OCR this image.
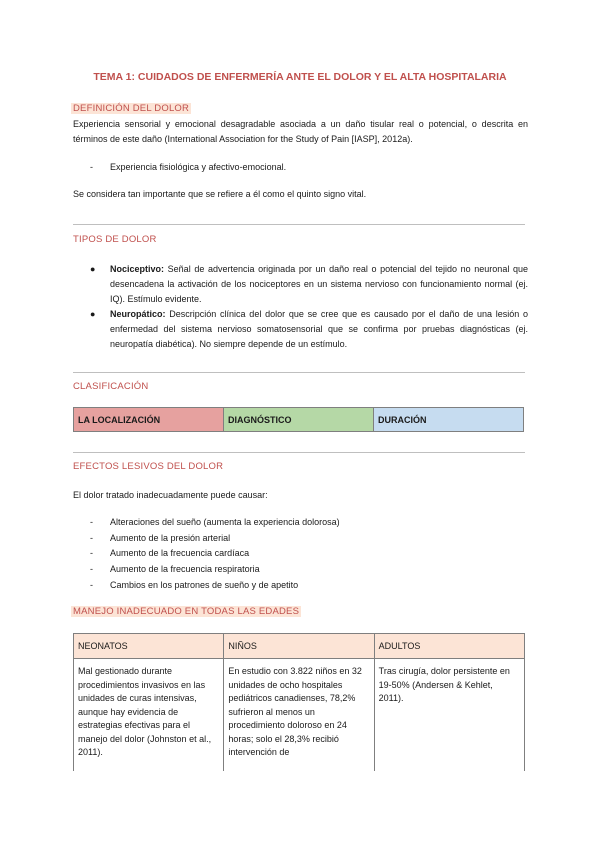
TEMA 1: CUIDADOS DE ENFERMERÍA ANTE EL DOLOR Y EL ALTA HOSPITALARIA
DEFINICIÓN DEL DOLOR
Experiencia sensorial y emocional desagradable asociada a un daño tisular real o potencial, o descrita en términos de este daño (International Association for the Study of Pain [IASP], 2012a).
- Experiencia fisiológica y afectivo-emocional.
Se considera tan importante que se refiere a él como el quinto signo vital.
TIPOS DE DOLOR
● Nociceptivo: Señal de advertencia originada por un daño real o potencial del tejido no neuronal que desencadena la activación de los nociceptores en un sistema nervioso con funcionamiento normal (ej. IQ). Estímulo evidente.
● Neuropático: Descripción clínica del dolor que se cree que es causado por el daño de una lesión o enfermedad del sistema nervioso somatosensorial que se confirma por pruebas diagnósticas (ej. neuropatía diabética). No siempre depende de un estímulo.
CLASIFICACIÓN
LA LOCALIZACIÓN	DIAGNÓSTICO	DURACIÓN
EFECTOS LESIVOS DEL DOLOR
El dolor tratado inadecuadamente puede causar:
- Alteraciones del sueño (aumenta la experiencia dolorosa)
- Aumento de la presión arterial
- Aumento de la frecuencia cardíaca
- Aumento de la frecuencia respiratoria
- Cambios en los patrones de sueño y de apetito
MANEJO INADECUADO EN TODAS LAS EDADES
NEONATOS	NIÑOS	ADULTOS
Mal gestionado durante procedimientos invasivos en las unidades de curas intensivas, aunque hay evidencia de estrategias efectivas para el manejo del dolor (Johnston et al., 2011).	En estudio con 3.822 niños en 32 unidades de ocho hospitales pediátricos canadienses, 78,2% sufrieron al menos un procedimiento doloroso en 24 horas; solo el 28,3% recibió intervención de	Tras cirugía, dolor persistente en 19-50% (Andersen & Kehlet, 2011).
